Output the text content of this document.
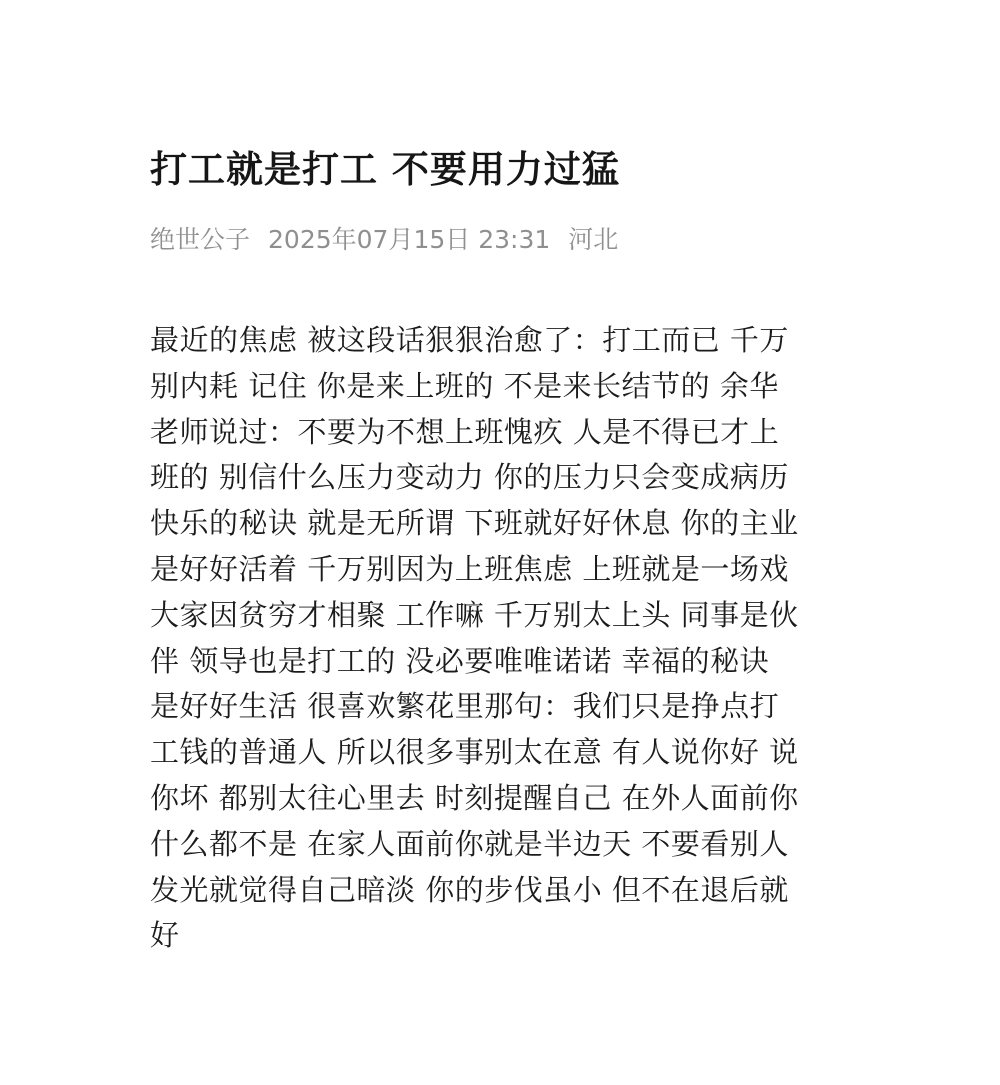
打工就是打工 不要用力过猛
绝世公子 2025年07月15日 23:31 河北
最近的焦虑 被这段话狠狠治愈了：打工而已 千万
别内耗 记住 你是来上班的 不是来长结节的 余华
老师说过：不要为不想上班愧疚 人是不得已才上
班的 别信什么压力变动力 你的压力只会变成病历
快乐的秘诀 就是无所谓 下班就好好休息 你的主业
是好好活着 千万别因为上班焦虑 上班就是一场戏
大家因贫穷才相聚 工作嘛 千万别太上头 同事是伙
伴 领导也是打工的 没必要唯唯诺诺 幸福的秘诀
是好好生活 很喜欢繁花里那句：我们只是挣点打
工钱的普通人 所以很多事别太在意 有人说你好 说
你坏 都别太往心里去 时刻提醒自己 在外人面前你
什么都不是 在家人面前你就是半边天 不要看别人
发光就觉得自己暗淡 你的步伐虽小 但不在退后就
好
